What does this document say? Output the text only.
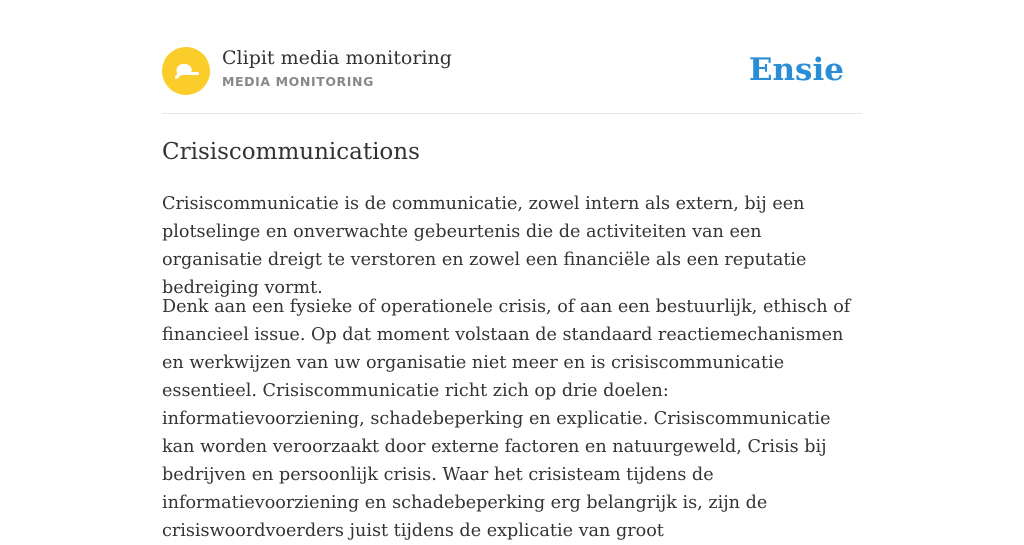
Clipit media monitoring
MEDIA MONITORING	Ensie
Crisiscommunications

Crisiscommunicatie is de communicatie, zowel intern als extern, bij een plotselinge en onverwachte gebeurtenis die de activiteiten van een organisatie dreigt te verstoren en zowel een financiële als een reputatie bedreiging vormt.

Denk aan een fysieke of operationele crisis, of aan een bestuurlijk, ethisch of financieel issue. Op dat moment volstaan de standaard reactiemechanismen en werkwijzen van uw organisatie niet meer en is crisiscommunicatie essentieel. Crisiscommunicatie richt zich op drie doelen: informatievoorziening, schadebeperking en explicatie. Crisiscommunicatie kan worden veroorzaakt door externe factoren en natuurgeweld, Crisis bij bedrijven en persoonlijk crisis. Waar het crisisteam tijdens de informatievoorziening en schadebeperking erg belangrijk is, zijn de crisiswoordvoerders juist tijdens de explicatie van groot
